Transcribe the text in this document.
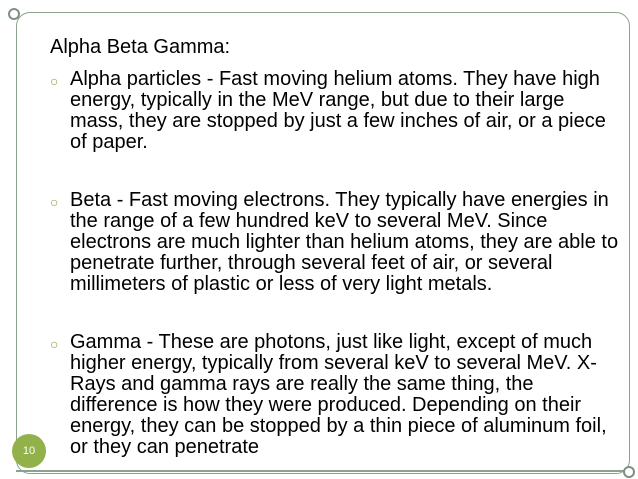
10

Alpha Beta Gamma:

○ Alpha particles - Fast moving helium atoms. They have high energy, typically in the MeV range, but due to their large mass, they are stopped by just a few inches of air, or a piece of paper.
○ Beta - Fast moving electrons. They typically have energies in the range of a few hundred keV to several MeV. Since electrons are much lighter than helium atoms, they are able to penetrate further, through several feet of air, or several millimeters of plastic or less of very light metals.
○ Gamma - These are photons, just like light, except of much higher energy, typically from several keV to several MeV. X-Rays and gamma rays are really the same thing, the difference is how they were produced. Depending on their energy, they can be stopped by a thin piece of aluminum foil, or they can penetrate
